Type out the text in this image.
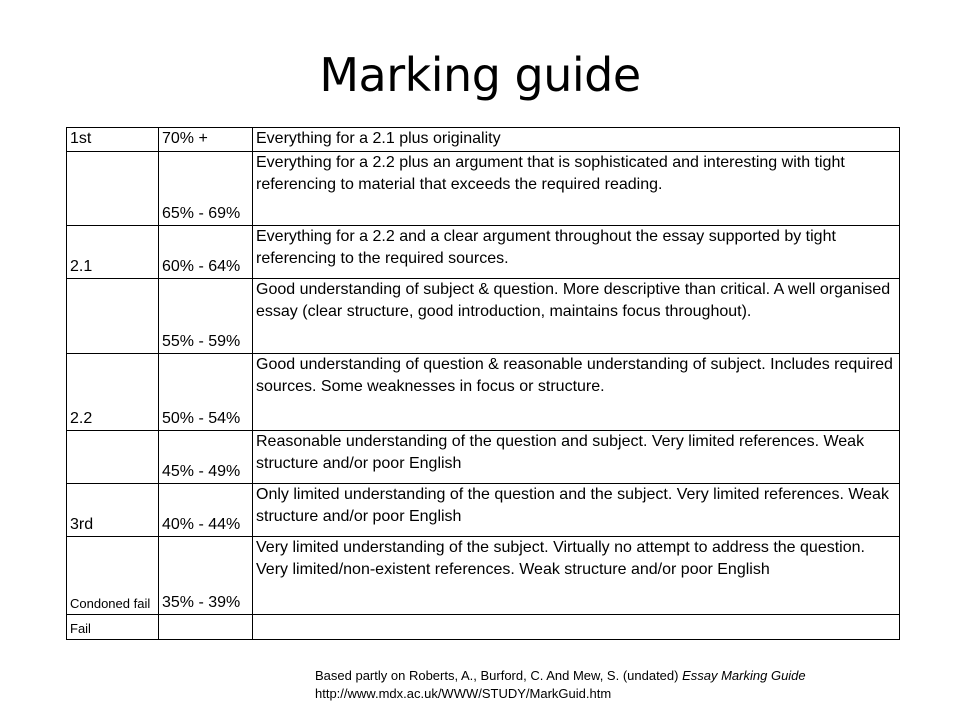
Marking guide
1st	70% +	Everything for a 2.1 plus originality
	65% - 69%	Everything for a 2.2 plus an argument that is sophisticated and interesting with tight referencing to material that exceeds the required reading.
2.1	60% - 64%	Everything for a 2.2 and a clear argument throughout the essay supported by tight referencing to the required sources.
	55% - 59%	Good understanding of subject & question. More descriptive than critical. A well organised essay (clear structure, good introduction, maintains focus throughout).
2.2	50% - 54%	Good understanding of question & reasonable understanding of subject. Includes required sources. Some weaknesses in focus or structure.
	45% - 49%	Reasonable understanding of the question and subject. Very limited references. Weak structure and/or poor English
3rd	40% - 44%	Only limited understanding of the question and the subject. Very limited references. Weak structure and/or poor English
Condoned fail	35% - 39%	Very limited understanding of the subject. Virtually no attempt to address the question. Very limited/non-existent references. Weak structure and/or poor English
Fail		
Based partly on Roberts, A., Burford, C. And Mew, S. (undated) Essay Marking Guide
http://www.mdx.ac.uk/WWW/STUDY/MarkGuid.htm
